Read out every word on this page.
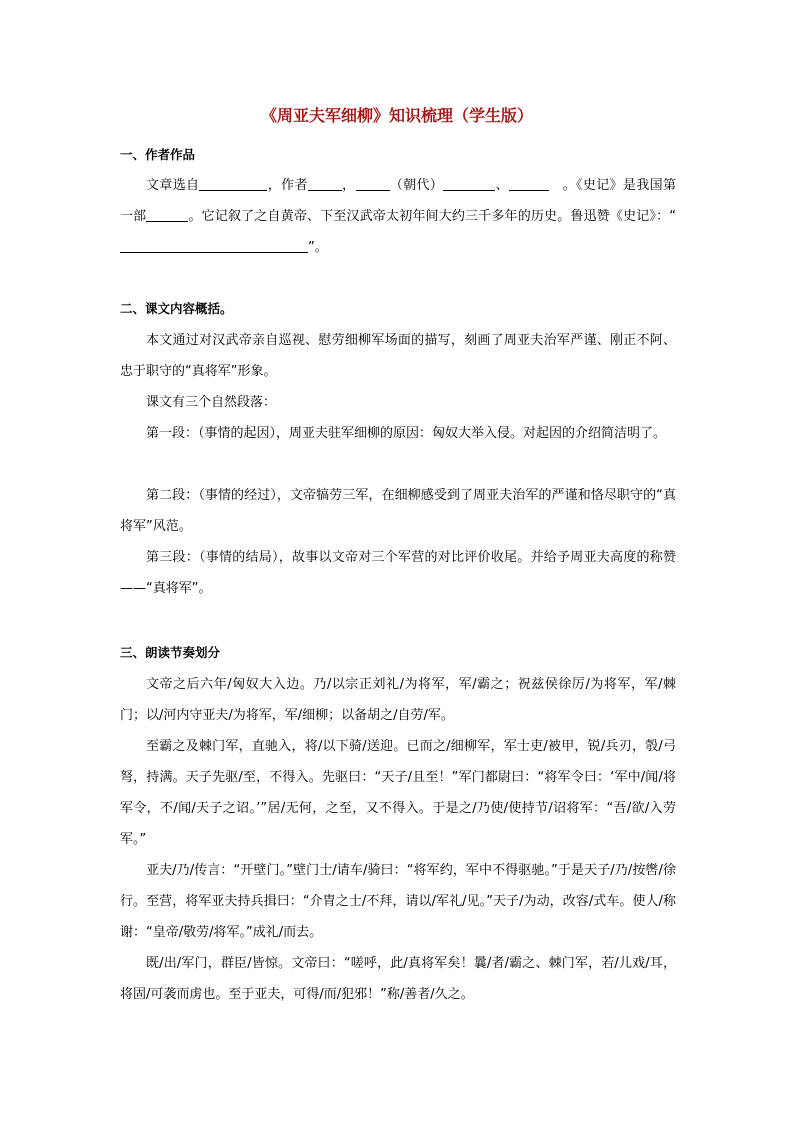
《周亚夫军细柳》知识梳理（学生版）
一、作者作品
文章选自	，作者	，	（朝代）	、	　。《史记》是我国第一部	。它记叙了之自黄帝、下至汉武帝太初年间大约三千多年的历史。鲁迅赞《史记》：“”。
二、课文内容概括。
本文通过对汉武帝亲自巡视、慰劳细柳军场面的描写，刻画了周亚夫治军严谨、刚正不阿、忠于职守的“真将军”形象。
课文有三个自然段落：
第一段：（事情的起因），周亚夫驻军细柳的原因：匈奴大举入侵。对起因的介绍简洁明了。
第二段：（事情的经过），文帝犒劳三军，在细柳感受到了周亚夫治军的严谨和恪尽职守的“真将军”风范。
第三段：（事情的结局），故事以文帝对三个军营的对比评价收尾。并给予周亚夫高度的称赞——“真将军”。
三、朗读节奏划分
文帝之后六年/匈奴大入边。乃/以宗正刘礼/为将军，军/霸之；祝兹侯徐厉/为将军，军/棘门；以/河内守亚夫/为将军，军/细柳；以备胡之/自劳/军。
至霸之及棘门军，直驰入，将/以下骑/送迎。已而之/细柳军，军士吏/被甲，锐/兵刃，彀/弓弩，持满。天子先驱/至，不得入。先驱曰：“天子/且至！”军门都尉曰：“将军令曰：‘军中/闻/将军令，不/闻/天子之诏。’”居/无何，之至，又不得入。于是之/乃使/使持节/诏将军：“吾/欲/入劳军。”
亚夫/乃/传言：“开壁门。”壁门士/请车/骑曰：“将军约，军中不得驱驰。”于是天子/乃/按辔/徐行。至营，将军亚夫持兵揖曰：“介胄之士/不拜，请以/军礼/见。”天子/为动，改容/式车。使人/称谢：“皇帝/敬劳/将军。”成礼/而去。
既/出/军门，群臣/皆惊。文帝曰：“嗟呼，此/真将军矣！曩/者/霸之、棘门军，若/儿戏/耳，将固/可袭而虏也。至于亚夫，可得/而/犯邪！”称/善者/久之。
